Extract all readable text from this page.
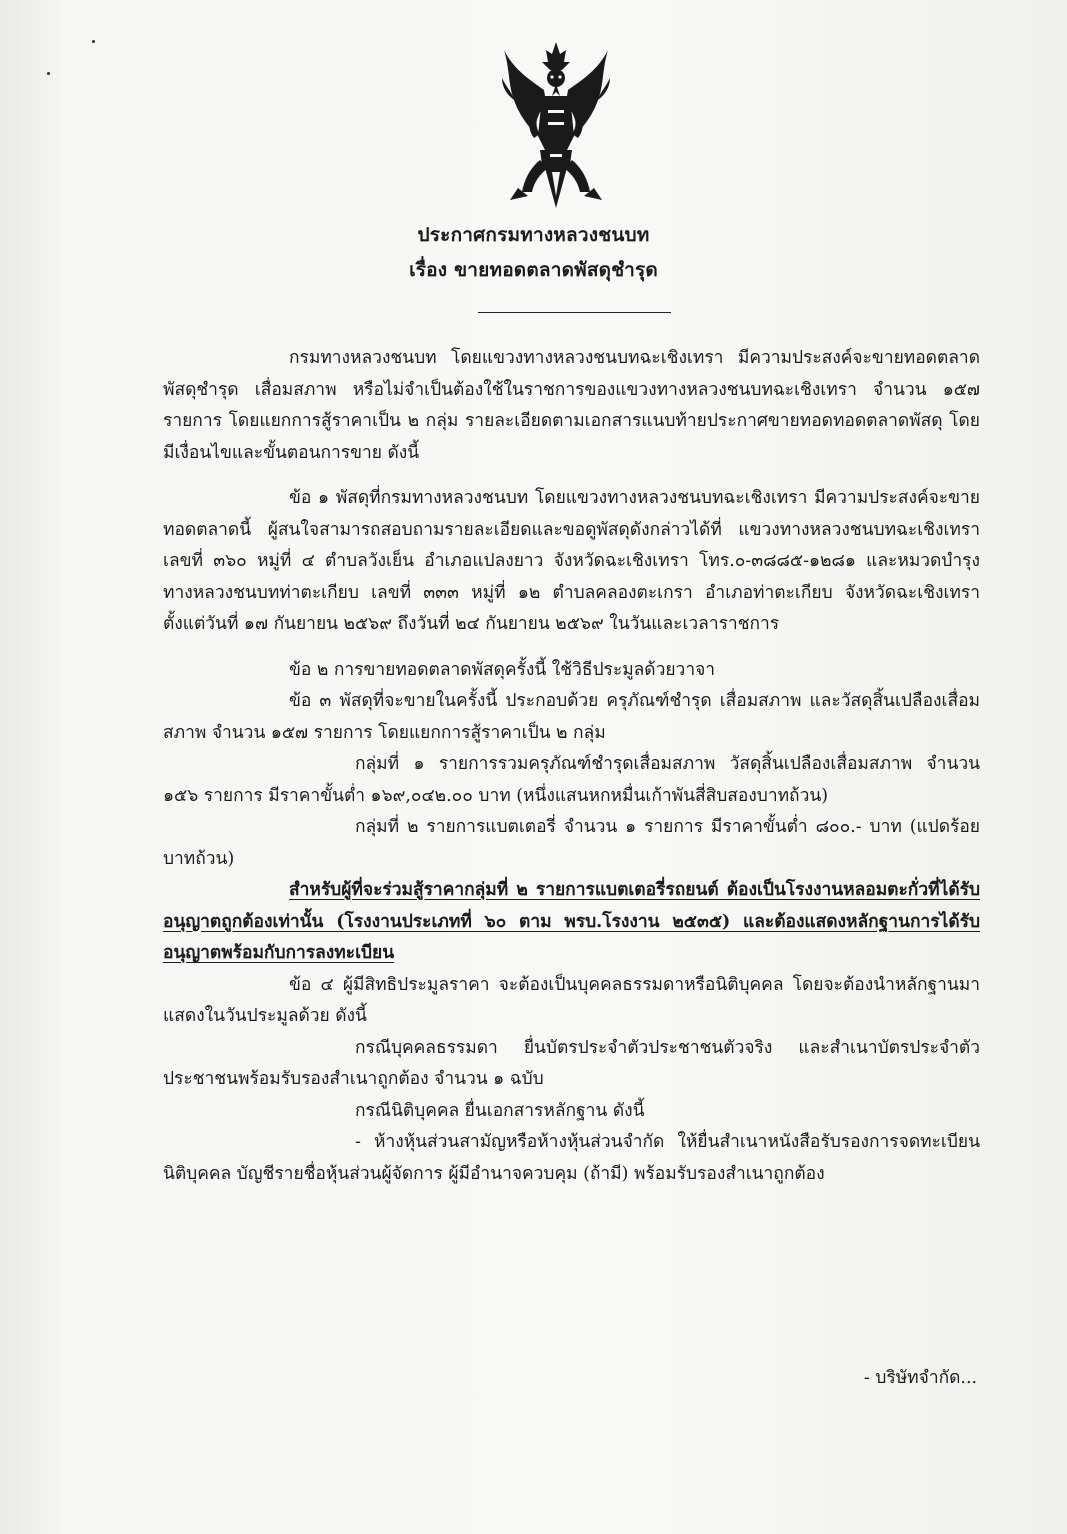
ประกาศกรมทางหลวงชนบท
เรื่อง ขายทอดตลาดพัสดุชำรุด

กรมทางหลวงชนบท โดยแขวงทางหลวงชนบทฉะเชิงเทรา มีความประสงค์จะขายทอดตลาดพัสดุชำรุด เสื่อมสภาพ หรือไม่จำเป็นต้องใช้ในราชการของแขวงทางหลวงชนบทฉะเชิงเทรา จำนวน ๑๕๗ รายการ โดยแยกการสู้ราคาเป็น ๒ กลุ่ม รายละเอียดตามเอกสารแนบท้ายประกาศขายทอดทอดตลาดพัสดุ โดยมีเงื่อนไขและขั้นตอนการขาย ดังนี้

ข้อ ๑ พัสดุที่กรมทางหลวงชนบท โดยแขวงทางหลวงชนบทฉะเชิงเทรา มีความประสงค์จะขายทอดตลาดนี้ ผู้สนใจสามารถสอบถามรายละเอียดและขอดูพัสดุดังกล่าวได้ที่ แขวงทางหลวงชนบทฉะเชิงเทรา เลขที่ ๓๖๐ หมู่ที่ ๔ ตำบลวังเย็น อำเภอแปลงยาว จังหวัดฉะเชิงเทรา โทร.๐-๓๘๘๕-๑๒๘๑ และหมวดบำรุงทางหลวงชนบทท่าตะเกียบ เลขที่ ๓๓๓ หมู่ที่ ๑๒ ตำบลคลองตะเกรา อำเภอท่าตะเกียบ จังหวัดฉะเชิงเทรา ตั้งแต่วันที่ ๑๗ กันยายน ๒๕๖๙ ถึงวันที่ ๒๔ กันยายน ๒๕๖๙ ในวันและเวลาราชการ

ข้อ ๒ การขายทอดตลาดพัสดุครั้งนี้ ใช้วิธีประมูลด้วยวาจา

ข้อ ๓ พัสดุที่จะขายในครั้งนี้ ประกอบด้วย ครุภัณฑ์ชำรุด เสื่อมสภาพ และวัสดุสิ้นเปลืองเสื่อมสภาพ จำนวน ๑๕๗ รายการ โดยแยกการสู้ราคาเป็น ๒ กลุ่ม

กลุ่มที่ ๑ รายการรวมครุภัณฑ์ชำรุดเสื่อมสภาพ วัสดุสิ้นเปลืองเสื่อมสภาพ จำนวน ๑๕๖ รายการ มีราคาขั้นต่ำ ๑๖๙,๐๔๒.๐๐ บาท (หนึ่งแสนหกหมื่นเก้าพันสี่สิบสองบาทถ้วน)

กลุ่มที่ ๒ รายการแบตเตอรี่ จำนวน ๑ รายการ มีราคาขั้นต่ำ ๘๐๐.- บาท (แปดร้อยบาทถ้วน)

สำหรับผู้ที่จะร่วมสู้ราคากลุ่มที่ ๒ รายการแบตเตอรี่รถยนต์ ต้องเป็นโรงงานหลอมตะกั่วที่ได้รับอนุญาตถูกต้องเท่านั้น (โรงงานประเภทที่ ๖๐ ตาม พรบ.โรงงาน ๒๕๓๕) และต้องแสดงหลักฐานการได้รับอนุญาตพร้อมกับการลงทะเบียน

ข้อ ๔ ผู้มีสิทธิประมูลราคา จะต้องเป็นบุคคลธรรมดาหรือนิติบุคคล โดยจะต้องนำหลักฐานมาแสดงในวันประมูลด้วย ดังนี้

กรณีบุคคลธรรมดา ยื่นบัตรประจำตัวประชาชนตัวจริง และสำเนาบัตรประจำตัวประชาชนพร้อมรับรองสำเนาถูกต้อง จำนวน ๑ ฉบับ

กรณีนิติบุคคล ยื่นเอกสารหลักฐาน ดังนี้

- ห้างหุ้นส่วนสามัญหรือห้างหุ้นส่วนจำกัด ให้ยื่นสำเนาหนังสือรับรองการจดทะเบียนนิติบุคคล บัญชีรายชื่อหุ้นส่วนผู้จัดการ ผู้มีอำนาจควบคุม (ถ้ามี) พร้อมรับรองสำเนาถูกต้อง

- บริษัทจำกัด...
